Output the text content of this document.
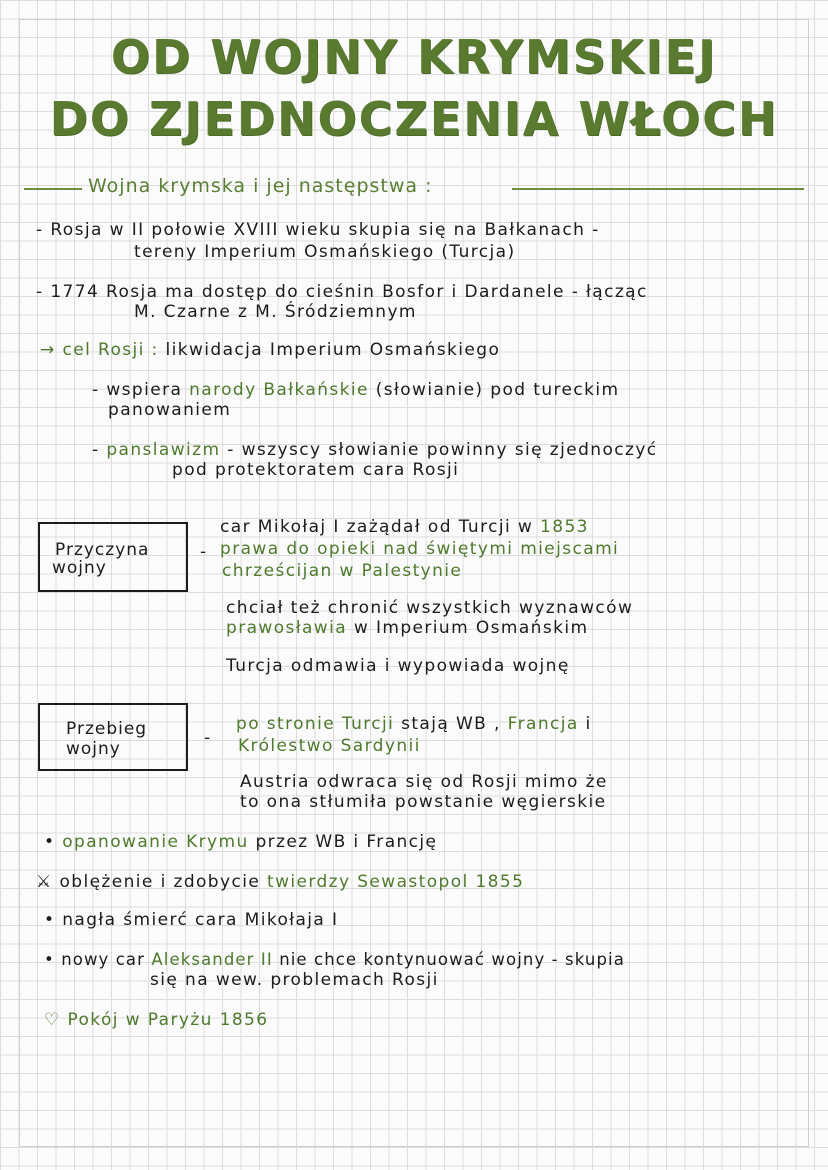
OD WOJNY KRYMSKIEJ
DO ZJEDNOCZENIA WŁOCH
Wojna krymska i jej następstwa :
- Rosja w II połowie XVIII wieku skupia się na Bałkanach -
tereny Imperium Osmańskiego (Turcja)
- 1774 Rosja ma dostęp do cieśnin Bosfor i Dardanele - łącząc
M. Czarne z M. Śródziemnym
→ cel Rosji : likwidacja Imperium Osmańskiego
- wspiera narody Bałkańskie (słowianie) pod tureckim
panowaniem
- panslawizm - wszyscy słowianie powinny się zjednoczyć
pod protektoratem cara Rosji
Przyczyna
wojny
-
car Mikołaj I zażądał od Turcji w 1853
prawa do opieki nad świętymi miejscami
chrześcijan w Palestynie
chciał też chronić wszystkich wyznawców
prawosławia w Imperium Osmańskim
Turcja odmawia i wypowiada wojnę
Przebieg
wojny
-
po stronie Turcji stają WB , Francja i
Królestwo Sardynii
Austria odwraca się od Rosji mimo że
to ona stłumiła powstanie węgierskie
• opanowanie Krymu przez WB i Francję
⚔ oblężenie i zdobycie twierdzy Sewastopol 1855
• nagła śmierć cara Mikołaja I
• nowy car Aleksander II nie chce kontynuować wojny - skupia
się na wew. problemach Rosji
♡ Pokój w Paryżu 1856
